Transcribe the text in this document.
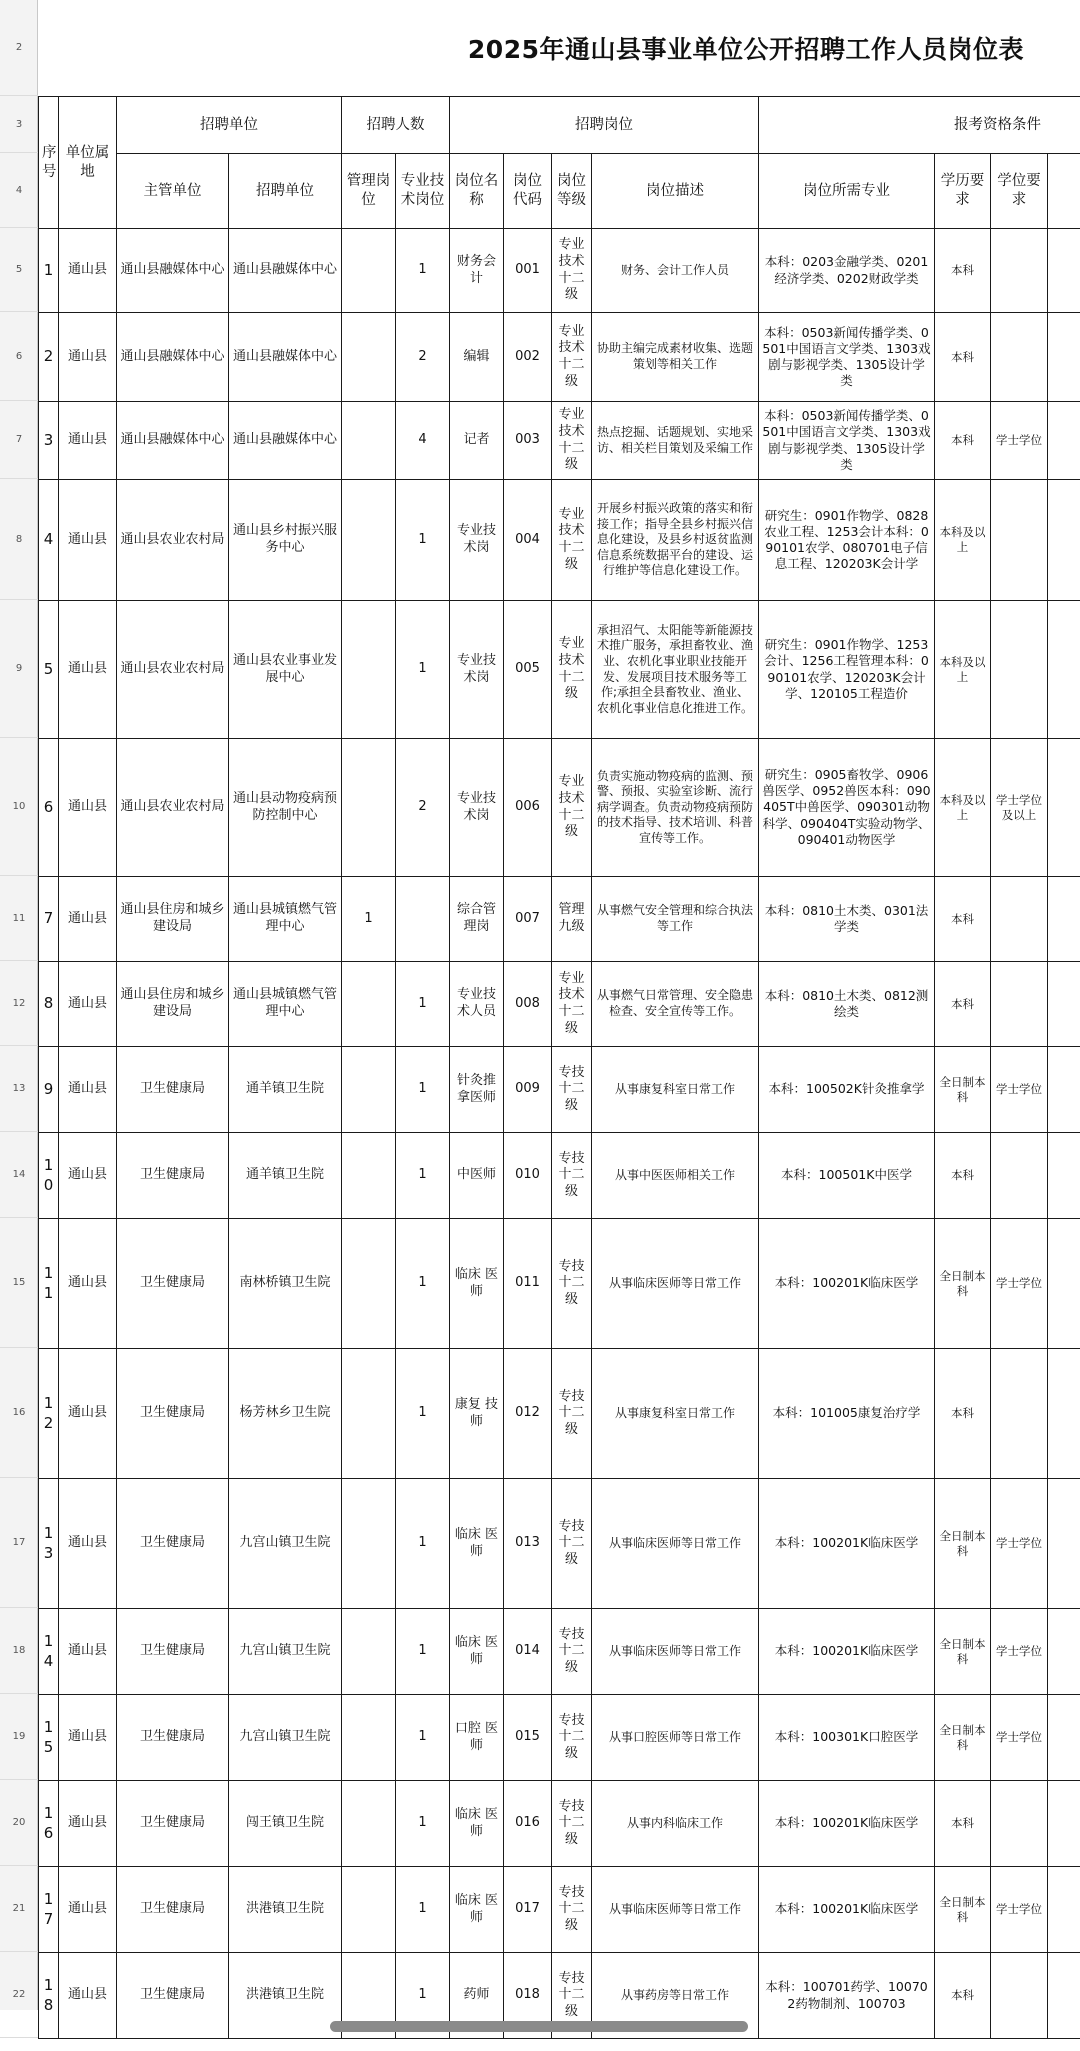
2
3
4
5
6
7
8
9
10
11
12
13
14
15
16
17
18
19
20
21
22
2025年通山县事业单位公开招聘工作人员岗位表
序号	单位属地	招聘单位		招聘人数		招聘岗位				报考资格条件			
		主管单位	招聘单位	管理岗位	专业技术岗位	岗位名称	岗位代码	岗位等级	岗位描述	岗位所需专业	学历要求	学位要求	
1	通山县	通山县融媒体中心	通山县融媒体中心		1	财务会计	001	专业技术十二级	财务、会计工作人员	本科：0203金融学类、0201经济学类、0202财政学类	本科		
2	通山县	通山县融媒体中心	通山县融媒体中心		2	编辑	002	专业技术十二级	协助主编完成素材收集、选题策划等相关工作	本科：0503新闻传播学类、0501中国语言文学类、1303戏剧与影视学类、1305设计学类	本科		
3	通山县	通山县融媒体中心	通山县融媒体中心		4	记者	003	专业技术十二级	热点挖掘、话题规划、实地采访、相关栏目策划及采编工作	本科：0503新闻传播学类、0501中国语言文学类、1303戏剧与影视学类、1305设计学类	本科	学士学位	
4	通山县	通山县农业农村局	通山县乡村振兴服务中心		1	专业技术岗	004	专业技术十二级	开展乡村振兴政策的落实和衔接工作；指导全县乡村振兴信息化建设，及县乡村返贫监测信息系统数据平台的建设、运行维护等信息化建设工作。	研究生：0901作物学、0828农业工程、1253会计本科：090101农学、080701电子信息工程、120203K会计学	本科及以上		
5	通山县	通山县农业农村局	通山县农业事业发展中心		1	专业技术岗	005	专业技术十二级	承担沼气、太阳能等新能源技术推广服务，承担畜牧业、渔业、农机化事业职业技能开发、发展项目技术服务等工作;承担全县畜牧业、渔业、农机化事业信息化推进工作。	研究生：0901作物学、1253会计、1256工程管理本科：090101农学、120203K会计学、120105工程造价	本科及以上		
6	通山县	通山县农业农村局	通山县动物疫病预防控制中心		2	专业技术岗	006	专业技术十二级	负责实施动物疫病的监测、预警、预报、实验室诊断、流行病学调查。负责动物疫病预防的技术指导、技术培训、科普宣传等工作。	研究生：0905畜牧学、0906兽医学、0952兽医本科：090405T中兽医学、090301动物科学、090404T实验动物学、090401动物医学	本科及以上	学士学位及以上	
7	通山县	通山县住房和城乡建设局	通山县城镇燃气管理中心	1		综合管理岗	007	管理九级	从事燃气安全管理和综合执法等工作	本科：0810土木类、0301法学类	本科		
8	通山县	通山县住房和城乡建设局	通山县城镇燃气管理中心		1	专业技术人员	008	专业技术十二级	从事燃气日常管理、安全隐患检查、安全宣传等工作。	本科：0810土木类、0812测绘类	本科		
9	通山县	卫生健康局	通羊镇卫生院		1	针灸推拿医师	009	专技十二级	从事康复科室日常工作	本科：100502K针灸推拿学	全日制本科	学士学位	
10	通山县	卫生健康局	通羊镇卫生院		1	中医师	010	专技十二级	从事中医医师相关工作	本科：100501K中医学	本科		
11	通山县	卫生健康局	南林桥镇卫生院		1	临床 医师	011	专技十二级	从事临床医师等日常工作	本科：100201K临床医学	全日制本科	学士学位	
12	通山县	卫生健康局	杨芳林乡卫生院		1	康复 技师	012	专技十二级	从事康复科室日常工作	本科：101005康复治疗学	本科		
13	通山县	卫生健康局	九宫山镇卫生院		1	临床 医师	013	专技十二级	从事临床医师等日常工作	本科：100201K临床医学	全日制本科	学士学位	
14	通山县	卫生健康局	九宫山镇卫生院		1	临床 医师	014	专技十二级	从事临床医师等日常工作	本科：100201K临床医学	全日制本科	学士学位	
15	通山县	卫生健康局	九宫山镇卫生院		1	口腔 医师	015	专技十二级	从事口腔医师等日常工作	本科：100301K口腔医学	全日制本科	学士学位	
16	通山县	卫生健康局	闯王镇卫生院		1	临床 医师	016	专技十二级	从事内科临床工作	本科：100201K临床医学	本科		
17	通山县	卫生健康局	洪港镇卫生院		1	临床 医师	017	专技十二级	从事临床医师等日常工作	本科：100201K临床医学	全日制本科	学士学位	
18	通山县	卫生健康局	洪港镇卫生院		1	药师	018	专技十二级	从事药房等日常工作	本科：100701药学、100702药物制剂、100703	本科		
